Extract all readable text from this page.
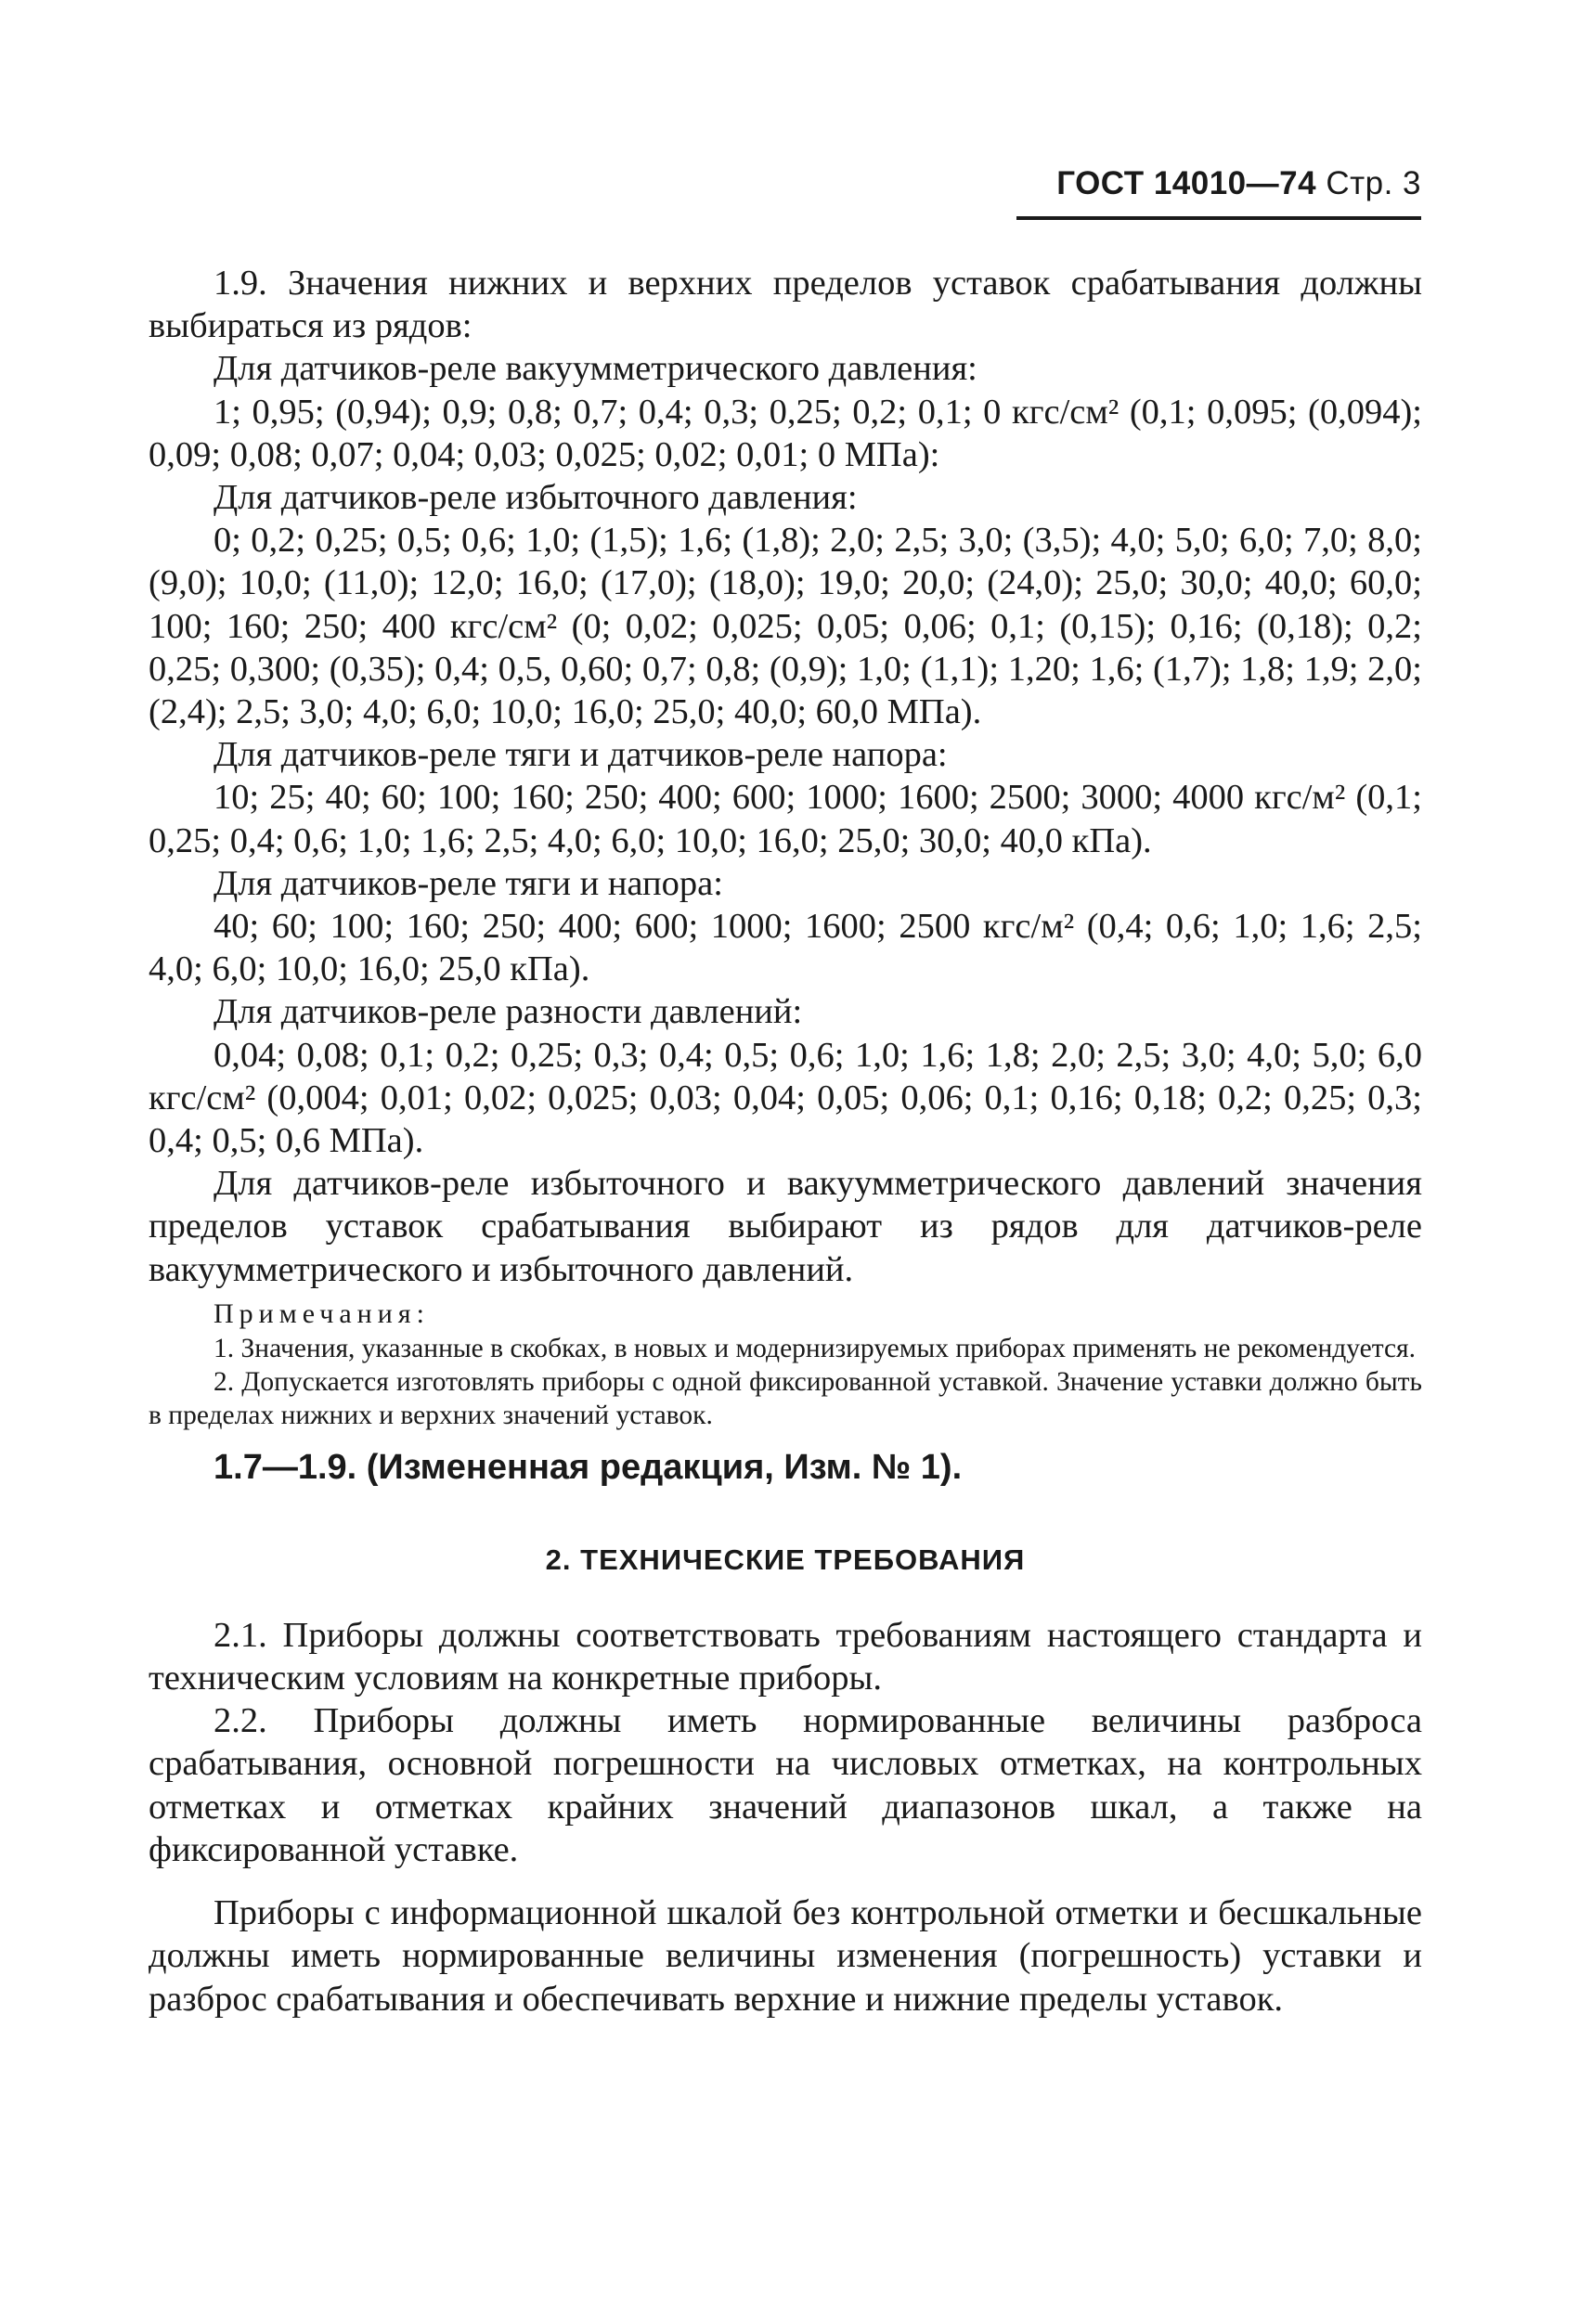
ГОСТ 14010—74 Стр. 3

1.9. Значения нижних и верхних пределов уставок срабатывания должны выбираться из рядов:

Для датчиков-реле вакуумметрического давления:

1; 0,95; (0,94); 0,9; 0,8; 0,7; 0,4; 0,3; 0,25; 0,2; 0,1; 0 кгс/см² (0,1; 0,095; (0,094); 0,09; 0,08; 0,07; 0,04; 0,03; 0,025; 0,02; 0,01; 0 МПа):

Для датчиков-реле избыточного давления:

0; 0,2; 0,25; 0,5; 0,6; 1,0; (1,5); 1,6; (1,8); 2,0; 2,5; 3,0; (3,5); 4,0; 5,0; 6,0; 7,0; 8,0; (9,0); 10,0; (11,0); 12,0; 16,0; (17,0); (18,0); 19,0; 20,0; (24,0); 25,0; 30,0; 40,0; 60,0; 100; 160; 250; 400 кгс/см² (0; 0,02; 0,025; 0,05; 0,06; 0,1; (0,15); 0,16; (0,18); 0,2; 0,25; 0,300; (0,35); 0,4; 0,5, 0,60; 0,7; 0,8; (0,9); 1,0; (1,1); 1,20; 1,6; (1,7); 1,8; 1,9; 2,0; (2,4); 2,5; 3,0; 4,0; 6,0; 10,0; 16,0; 25,0; 40,0; 60,0 МПа).

Для датчиков-реле тяги и датчиков-реле напора:

10; 25; 40; 60; 100; 160; 250; 400; 600; 1000; 1600; 2500; 3000; 4000 кгс/м² (0,1; 0,25; 0,4; 0,6; 1,0; 1,6; 2,5; 4,0; 6,0; 10,0; 16,0; 25,0; 30,0; 40,0 кПа).

Для датчиков-реле тяги и напора:

40; 60; 100; 160; 250; 400; 600; 1000; 1600; 2500 кгс/м² (0,4; 0,6; 1,0; 1,6; 2,5; 4,0; 6,0; 10,0; 16,0; 25,0 кПа).

Для датчиков-реле разности давлений:

0,04; 0,08; 0,1; 0,2; 0,25; 0,3; 0,4; 0,5; 0,6; 1,0; 1,6; 1,8; 2,0; 2,5; 3,0; 4,0; 5,0; 6,0 кгс/см² (0,004; 0,01; 0,02; 0,025; 0,03; 0,04; 0,05; 0,06; 0,1; 0,16; 0,18; 0,2; 0,25; 0,3; 0,4; 0,5; 0,6 МПа).

Для датчиков-реле избыточного и вакуумметрического давлений значения пределов уставок срабатывания выбирают из рядов для датчиков-реле вакуумметрического и избыточного давлений.

Примечания:

1. Значения, указанные в скобках, в новых и модернизируемых приборах применять не рекомендуется.

2. Допускается изготовлять приборы с одной фиксированной уставкой. Значение уставки должно быть в пределах нижних и верхних значений уставок.

1.7—1.9. (Измененная редакция, Изм. № 1).
2. ТЕХНИЧЕСКИЕ ТРЕБОВАНИЯ

2.1. Приборы должны соответствовать требованиям настоящего стандарта и техническим условиям на конкретные приборы.

2.2. Приборы должны иметь нормированные величины разброса срабатывания, основной погрешности на числовых отметках, на контрольных отметках и отметках крайних значений диапазонов шкал, а также на фиксированной уставке.

Приборы с информационной шкалой без контрольной отметки и бесшкальные должны иметь нормированные величины изменения (погрешность) уставки и разброс срабатывания и обеспечивать верхние и нижние пределы уставок.
